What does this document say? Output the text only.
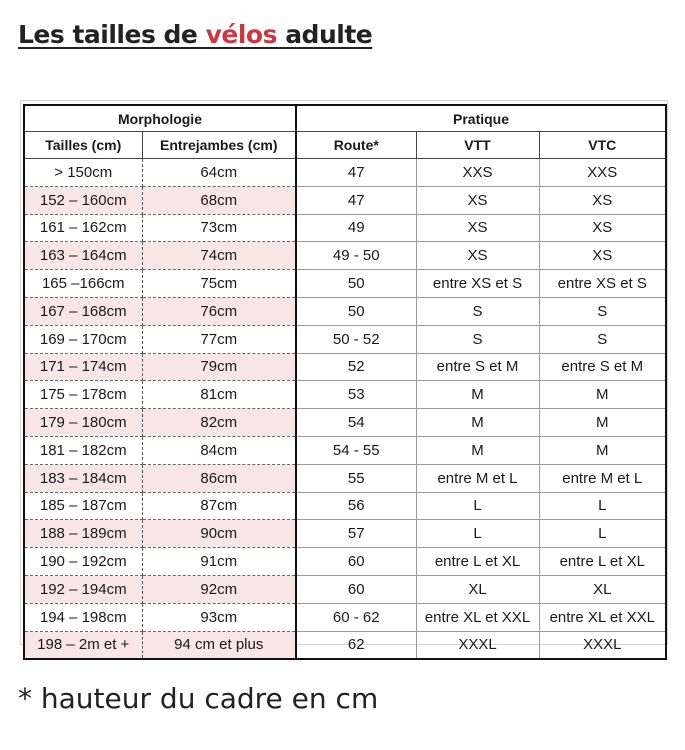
Les tailles de vélos adulte
Morphologie		Pratique		
Tailles (cm)	Entrejambes (cm)	Route*	VTT	VTC
> 150cm	64cm	47	XXS	XXS
152 – 160cm	68cm	47	XS	XS
161 – 162cm	73cm	49	XS	XS
163 – 164cm	74cm	49 - 50	XS	XS
165 –166cm	75cm	50	entre XS et S	entre XS et S
167 – 168cm	76cm	50	S	S
169 – 170cm	77cm	50 - 52	S	S
171 – 174cm	79cm	52	entre S et M	entre S et M
175 – 178cm	81cm	53	M	M
179 – 180cm	82cm	54	M	M
181 – 182cm	84cm	54 - 55	M	M
183 – 184cm	86cm	55	entre M et L	entre M et L
185 – 187cm	87cm	56	L	L
188 – 189cm	90cm	57	L	L
190 – 192cm	91cm	60	entre L et XL	entre L et XL
192 – 194cm	92cm	60	XL	XL
194 – 198cm	93cm	60 - 62	entre XL et XXL	entre XL et XXL
198 – 2m et +	94 cm et plus	62	XXXL	XXXL

* hauteur du cadre en cm
